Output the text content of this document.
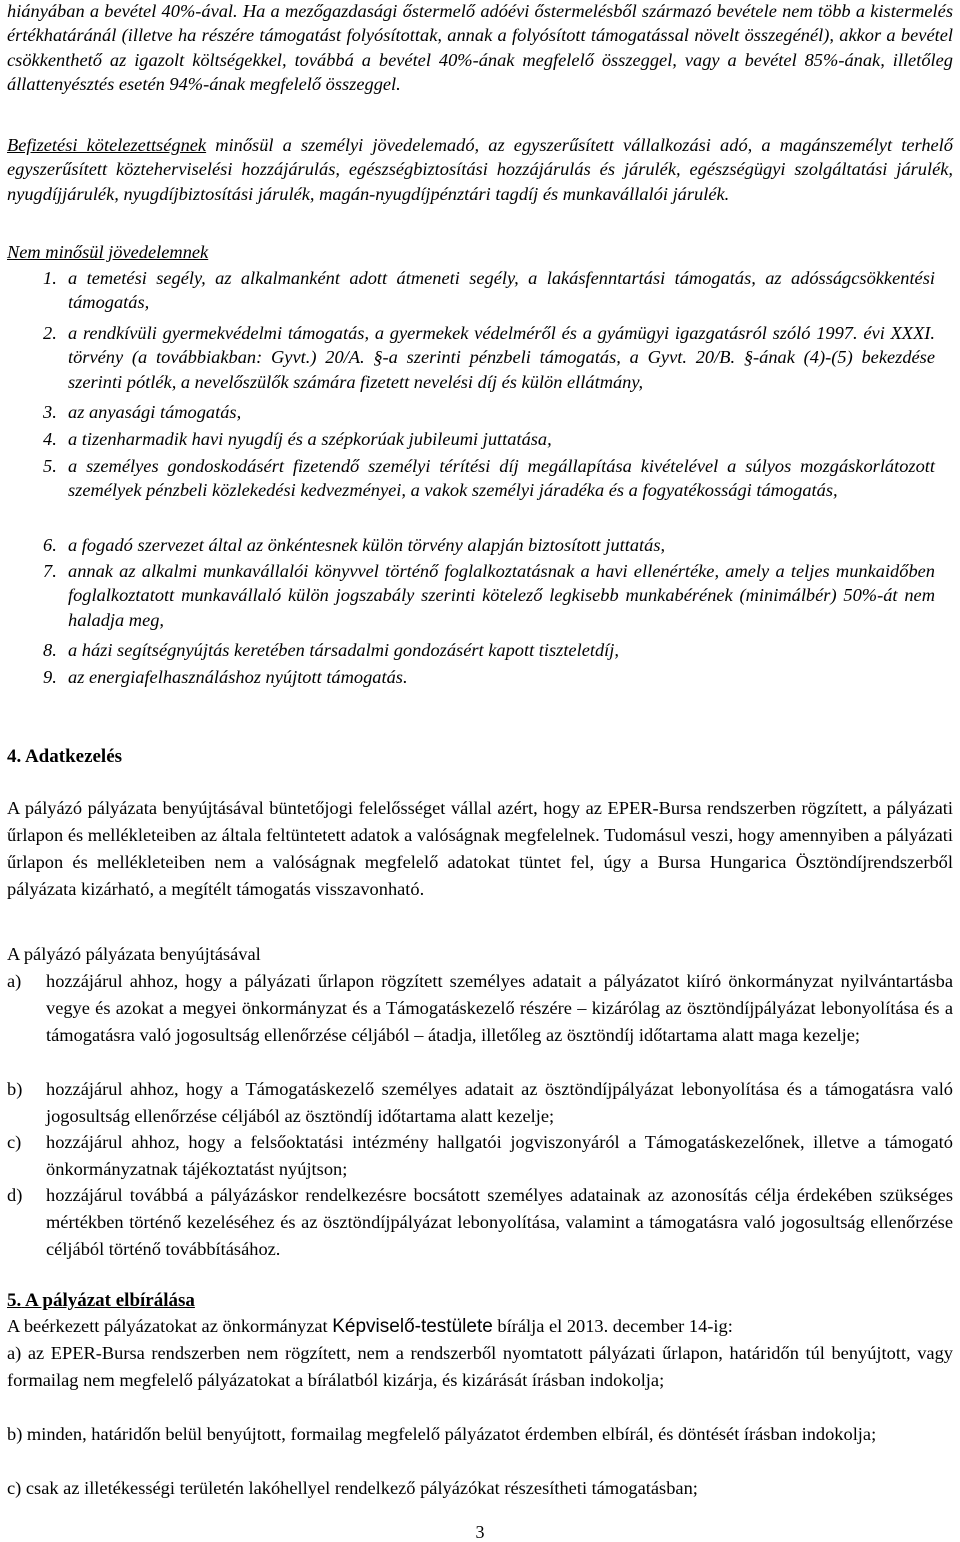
hiányában a bevétel 40%-ával. Ha a mezőgazdasági őstermelő adóévi őstermelésből származó bevétele nem több a kistermelés értékhatáránál (illetve ha részére támogatást folyósítottak, annak a folyósított támogatással növelt összegénél), akkor a bevétel csökkenthető az igazolt költségekkel, továbbá a bevétel 40%-ának megfelelő összeggel, vagy a bevétel 85%-ának, illetőleg állattenyésztés esetén 94%-ának megfelelő összeggel.

Befizetési kötelezettségnek minősül a személyi jövedelemadó, az egyszerűsített vállalkozási adó, a magánszemélyt terhelő egyszerűsített közteherviselési hozzájárulás, egészségbiztosítási hozzájárulás és járulék, egészségügyi szolgáltatási járulék, nyugdíjjárulék, nyugdíjbiztosítási járulék, magán-nyugdíjpénztári tagdíj és munkavállalói járulék.

Nem minősül jövedelemnek

1. a temetési segély, az alkalmanként adott átmeneti segély, a lakásfenntartási támogatás, az adósságcsökkentési támogatás,
2. a rendkívüli gyermekvédelmi támogatás, a gyermekek védelméről és a gyámügyi igazgatásról szóló 1997. évi XXXI. törvény (a továbbiakban: Gyvt.) 20/A. §-a szerinti pénzbeli támogatás, a Gyvt. 20/B. §-ának (4)-(5) bekezdése szerinti pótlék, a nevelőszülők számára fizetett nevelési díj és külön ellátmány,
3. az anyasági támogatás,
4. a tizenharmadik havi nyugdíj és a szépkorúak jubileumi juttatása,
5. a személyes gondoskodásért fizetendő személyi térítési díj megállapítása kivételével a súlyos mozgáskorlátozott személyek pénzbeli közlekedési kedvezményei, a vakok személyi járadéka és a fogyatékossági támogatás,
6. a fogadó szervezet által az önkéntesnek külön törvény alapján biztosított juttatás,
7. annak az alkalmi munkavállalói könyvvel történő foglalkoztatásnak a havi ellenértéke, amely a teljes munkaidőben foglalkoztatott munkavállaló külön jogszabály szerinti kötelező legkisebb munkabérének (minimálbér) 50%-át nem haladja meg,
8. a házi segítségnyújtás keretében társadalmi gondozásért kapott tiszteletdíj,
9. az energiafelhasználáshoz nyújtott támogatás.
4. Adatkezelés

A pályázó pályázata benyújtásával büntetőjogi felelősséget vállal azért, hogy az EPER-Bursa rendszerben rögzített, a pályázati űrlapon és mellékleteiben az általa feltüntetett adatok a valóságnak megfelelnek. Tudomásul veszi, hogy amennyiben a pályázati űrlapon és mellékleteiben nem a valóságnak megfelelő adatokat tüntet fel, úgy a Bursa Hungarica Ösztöndíjrendszerből pályázata kizárható, a megítélt támogatás visszavonható.

A pályázó pályázata benyújtásával

a) hozzájárul ahhoz, hogy a pályázati űrlapon rögzített személyes adatait a pályázatot kiíró önkormányzat nyilvántartásba vegye és azokat a megyei önkormányzat és a Támogatáskezelő részére – kizárólag az ösztöndíjpályázat lebonyolítása és a támogatásra való jogosultság ellenőrzése céljából – átadja, illetőleg az ösztöndíj időtartama alatt maga kezelje;
b) hozzájárul ahhoz, hogy a Támogatáskezelő személyes adatait az ösztöndíjpályázat lebonyolítása és a támogatásra való jogosultság ellenőrzése céljából az ösztöndíj időtartama alatt kezelje;
c) hozzájárul ahhoz, hogy a felsőoktatási intézmény hallgatói jogviszonyáról a Támogatáskezelőnek, illetve a támogató önkormányzatnak tájékoztatást nyújtson;
d) hozzájárul továbbá a pályázáskor rendelkezésre bocsátott személyes adatainak az azonosítás célja érdekében szükséges mértékben történő kezeléséhez és az ösztöndíjpályázat lebonyolítása, valamint a támogatásra való jogosultság ellenőrzése céljából történő továbbításához.
5. A pályázat elbírálása

A beérkezett pályázatokat az önkormányzat Képviselő-testülete bírálja el 2013. december 14-ig:

a) az EPER-Bursa rendszerben nem rögzített, nem a rendszerből nyomtatott pályázati űrlapon, határidőn túl benyújtott, vagy formailag nem megfelelő pályázatokat a bírálatból kizárja, és kizárását írásban indokolja;

b) minden, határidőn belül benyújtott, formailag megfelelő pályázatot érdemben elbírál, és döntését írásban indokolja;

c) csak az illetékességi területén lakóhellyel rendelkező pályázókat részesítheti támogatásban;

3
